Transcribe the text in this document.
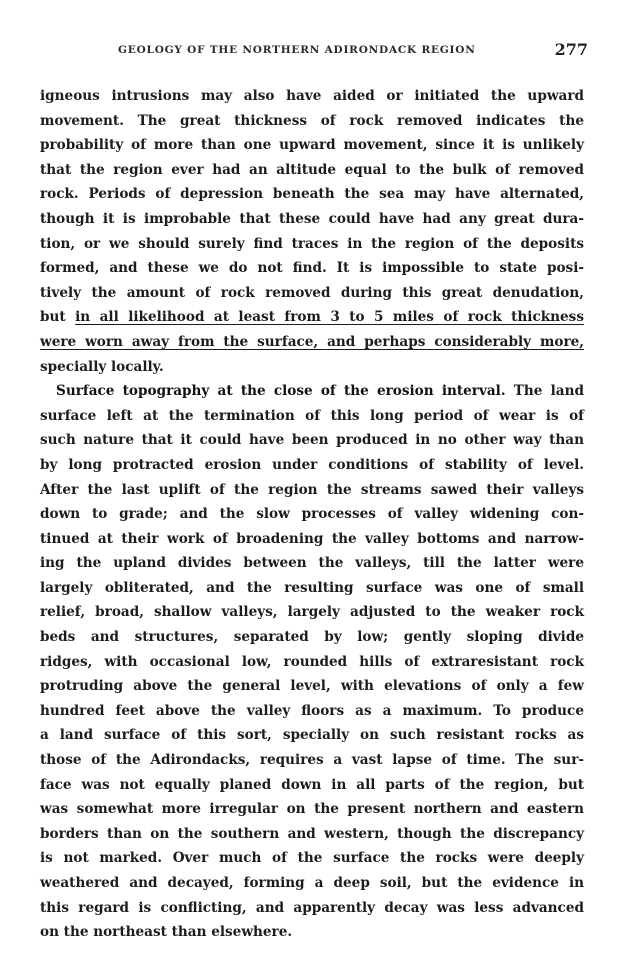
GEOLOGY OF THE NORTHERN ADIRONDACK REGION	277
igneous intrusions may also have aided or initiated the upward
movement. The great thickness of rock removed indicates the
probability of more than one upward movement, since it is unlikely
that the region ever had an altitude equal to the bulk of removed
rock. Periods of depression beneath the sea may have alternated,
though it is improbable that these could have had any great dura-
tion, or we should surely find traces in the region of the deposits
formed, and these we do not find. It is impossible to state posi-
tively the amount of rock removed during this great denudation,
but in all likelihood at least from 3 to 5 miles of rock thickness
were worn away from the surface, and perhaps considerably more,
specially locally.
Surface topography at the close of the erosion interval. The land
surface left at the termination of this long period of wear is of
such nature that it could have been produced in no other way than
by long protracted erosion under conditions of stability of level.
After the last uplift of the region the streams sawed their valleys
down to grade; and the slow processes of valley widening con-
tinued at their work of broadening the valley bottoms and narrow-
ing the upland divides between the valleys, till the latter were
largely obliterated, and the resulting surface was one of small
relief, broad, shallow valleys, largely adjusted to the weaker rock
beds and structures, separated by low; gently sloping divide
ridges, with occasional low, rounded hills of extraresistant rock
protruding above the general level, with elevations of only a few
hundred feet above the valley floors as a maximum. To produce
a land surface of this sort, specially on such resistant rocks as
those of the Adirondacks, requires a vast lapse of time. The sur-
face was not equally planed down in all parts of the region, but
was somewhat more irregular on the present northern and eastern
borders than on the southern and western, though the discrepancy
is not marked. Over much of the surface the rocks were deeply
weathered and decayed, forming a deep soil, but the evidence in
this regard is conflicting, and apparently decay was less advanced
on the northeast than elsewhere.
